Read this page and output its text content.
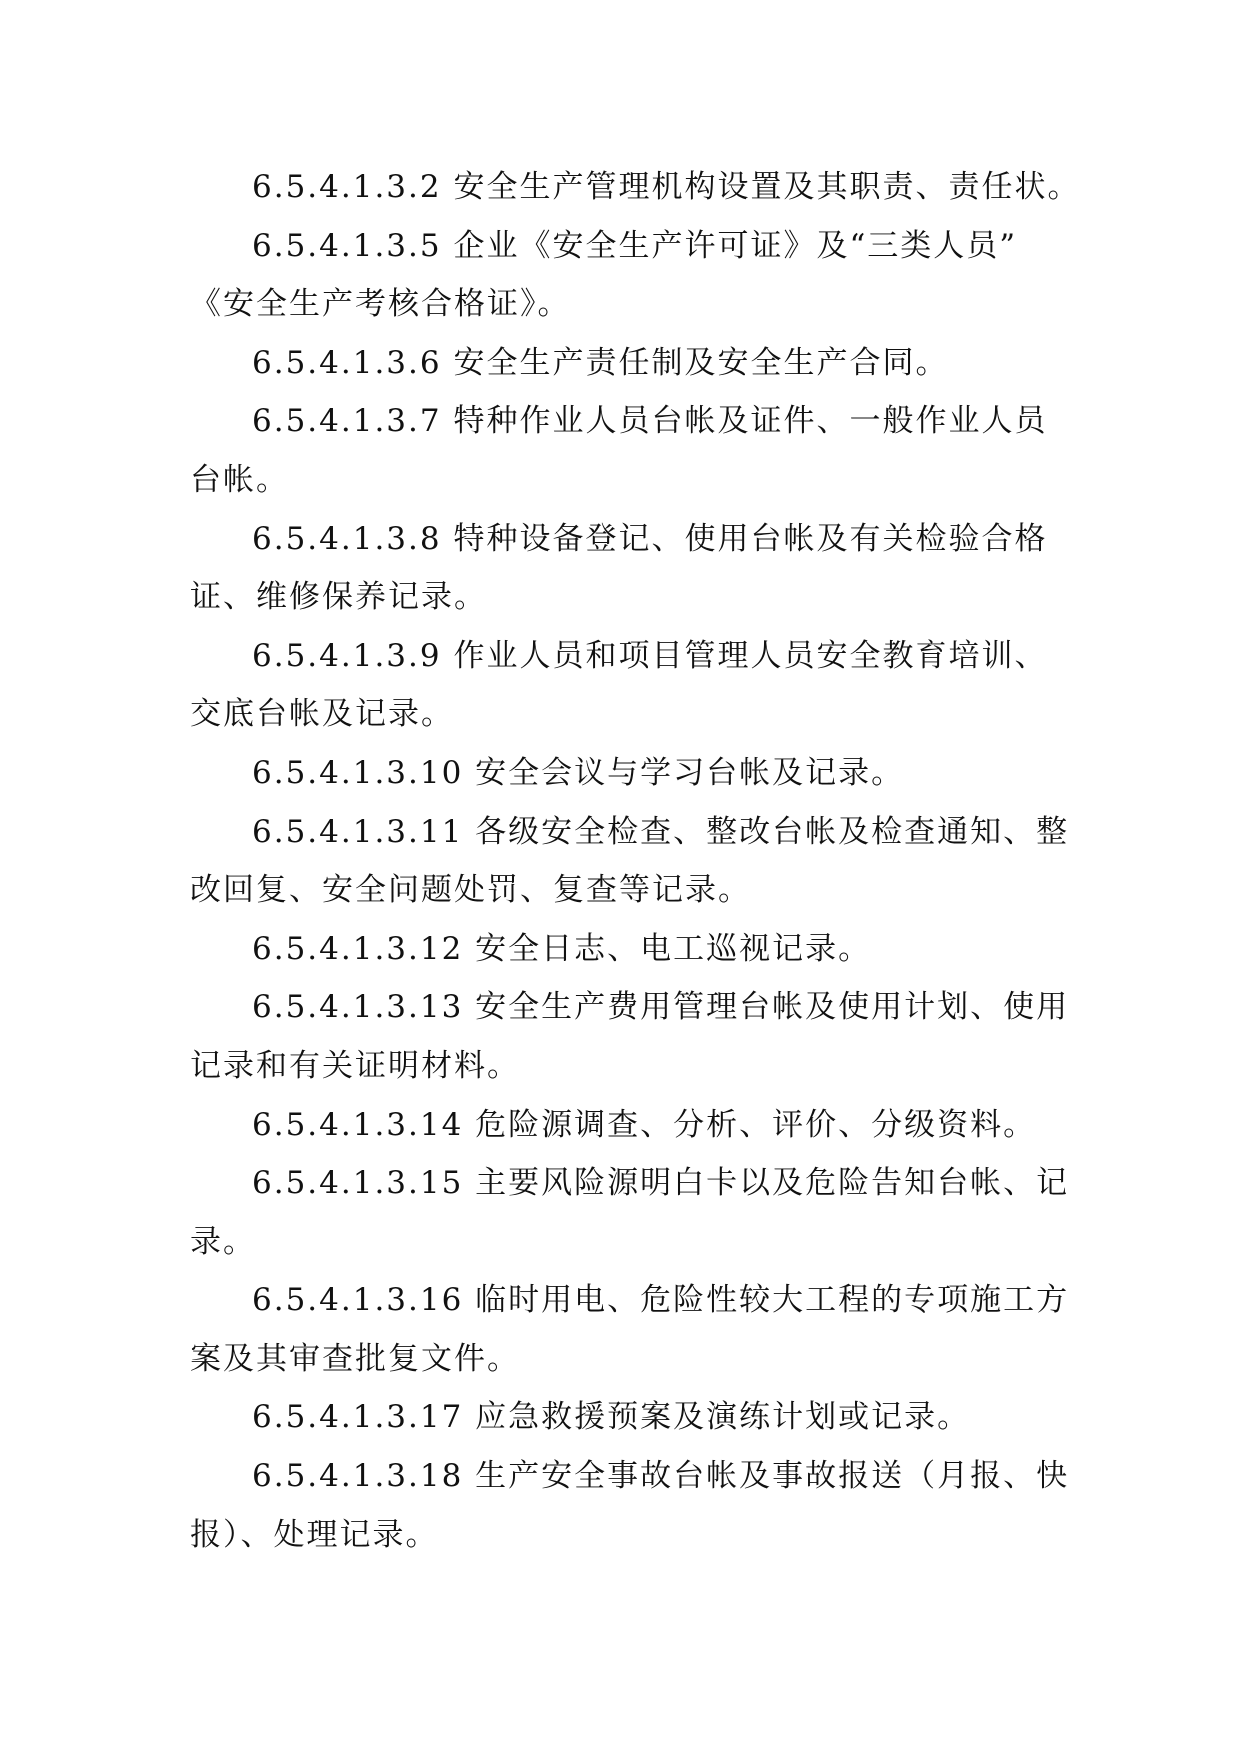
6.5.4.1.3.2 安全生产管理机构设置及其职责、责任状。
6.5.4.1.3.5 企业《安全生产许可证》及“三类人员”
《安全生产考核合格证》。
6.5.4.1.3.6 安全生产责任制及安全生产合同。
6.5.4.1.3.7 特种作业人员台帐及证件、一般作业人员
台帐。
6.5.4.1.3.8 特种设备登记、使用台帐及有关检验合格
证、维修保养记录。
6.5.4.1.3.9 作业人员和项目管理人员安全教育培训、
交底台帐及记录。
6.5.4.1.3.10 安全会议与学习台帐及记录。
6.5.4.1.3.11 各级安全检查、整改台帐及检查通知、整
改回复、安全问题处罚、复查等记录。
6.5.4.1.3.12 安全日志、电工巡视记录。
6.5.4.1.3.13 安全生产费用管理台帐及使用计划、使用
记录和有关证明材料。
6.5.4.1.3.14 危险源调查、分析、评价、分级资料。
6.5.4.1.3.15 主要风险源明白卡以及危险告知台帐、记
录。
6.5.4.1.3.16 临时用电、危险性较大工程的专项施工方
案及其审查批复文件。
6.5.4.1.3.17 应急救援预案及演练计划或记录。
6.5.4.1.3.18 生产安全事故台帐及事故报送（月报、快
报）、处理记录。
